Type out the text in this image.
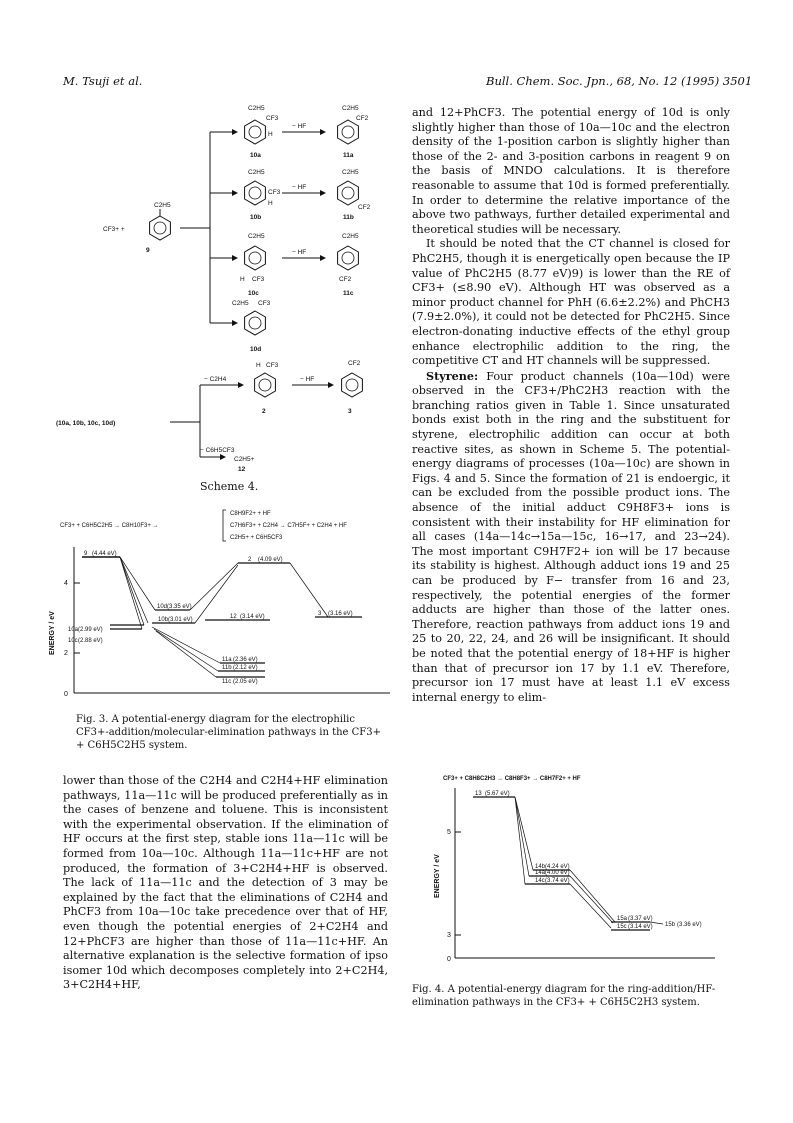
M. Tsuji et al.	Bull. Chem. Soc. Jpn., 68, No. 12 (1995) 3501
C2H5
CF3+ +
9
C2H5
CF3
H
10a
− HF
C2H5
CF2
11a
C2H5
CF3
H
10b
− HF
C2H5
CF2
11b
C2H5
H CF3
10c
− HF
C2H5
CF2
11c
C2H5 CF3
10d
(10a, 10b, 10c, 10d)
− C2H4
− C6H5CF3
H CF3
2
− HF
CF2
3
C2H5+
12
Scheme 4.
CF3+ + C6H5C2H5 → C8H10F3+ →
C8H9F2+ + HF
C7H6F3+ + C2H4 → C7H5F+ + C2H4 + HF
C2H5+ + C6H5CF3
4
2
0
ENERGY / eV
9 (4.44 eV)
10d (3.35 eV)
10b (3.01 eV)
10a (2.99 eV)
10c (2.88 eV)
2 (4.09 eV)
12 (3.14 eV)	3 (3.16 eV)
11a (2.36 eV)
11b (2.12 eV)
11c (2.05 eV)
Fig. 3. A potential-energy diagram for the electrophilic CF3+-addition/molecular-elimination pathways in the CF3+ + C6H5C2H5 system.

lower than those of the C2H4 and C2H4+HF elimination pathways, 11a—11c will be produced preferentially as in the cases of benzene and toluene. This is inconsistent with the experimental observation. If the elimination of HF occurs at the first step, stable ions 11a—11c will be formed from 10a—10c. Although 11a—11c+HF are not produced, the formation of 3+C2H4+HF is observed. The lack of 11a—11c and the detection of 3 may be explained by the fact that the eliminations of C2H4 and PhCF3 from 10a—10c take precedence over that of HF, even though the potential energies of 2+C2H4 and 12+PhCF3 are higher than those of 11a—11c+HF. An alternative explanation is the selective formation of ipso isomer 10d which decomposes completely into 2+C2H4, 3+C2H4+HF,

and 12+PhCF3. The potential energy of 10d is only slightly higher than those of 10a—10c and the electron density of the 1-position carbon is slightly higher than those of the 2- and 3-position carbons in reagent 9 on the basis of MNDO calculations. It is therefore reasonable to assume that 10d is formed preferentially. In order to determine the relative importance of the above two pathways, further detailed experimental and theoretical studies will be necessary.

It should be noted that the CT channel is closed for PhC2H5, though it is energetically open because the IP value of PhC2H5 (8.77 eV)9) is lower than the RE of CF3+ (≤8.90 eV). Although HT was observed as a minor product channel for PhH (6.6±2.2%) and PhCH3 (7.9±2.0%), it could not be detected for PhC2H5. Since electron-donating inductive effects of the ethyl group enhance electrophilic addition to the ring, the competitive CT and HT channels will be suppressed.

Styrene: Four product channels (10a—10d) were observed in the CF3+/PhC2H3 reaction with the branching ratios given in Table 1. Since unsaturated bonds exist both in the ring and the substituent for styrene, electrophilic addition can occur at both reactive sites, as shown in Scheme 5. The potential-energy diagrams of processes (10a—10c) are shown in Figs. 4 and 5. Since the formation of 21 is endoergic, it can be excluded from the possible product ions. The absence of the initial adduct C9H8F3+ ions is consistent with their instability for HF elimination for all cases (14a—14c→15a—15c, 16→17, and 23→24). The most important C9H7F2+ ion will be 17 because its stability is highest. Although adduct ions 19 and 25 can be produced by F− transfer from 16 and 23, respectively, the potential energies of the former adducts are higher than those of the latter ones. Therefore, reaction pathways from adduct ions 19 and 25 to 20, 22, 24, and 26 will be insignificant. It should be noted that the potential energy of 18+HF is higher than that of precursor ion 17 by 1.1 eV. Therefore, precursor ion 17 must have at least 1.1 eV excess internal energy to elim-

CF3+ + C8H8C2H3 → C8H8F3+ → C8H7F2+ + HF
5
3
0
ENERGY / eV
13 (5.67 eV)
14b (4.24 eV)
14a (4.00 eV)
14c (3.74 eV)
15a (3.37 eV)
15b (3.36 eV)
15c (3.14 eV)
Fig. 4. A potential-energy diagram for the ring-addition/HF-elimination pathways in the CF3+ + C6H5C2H3 system.
